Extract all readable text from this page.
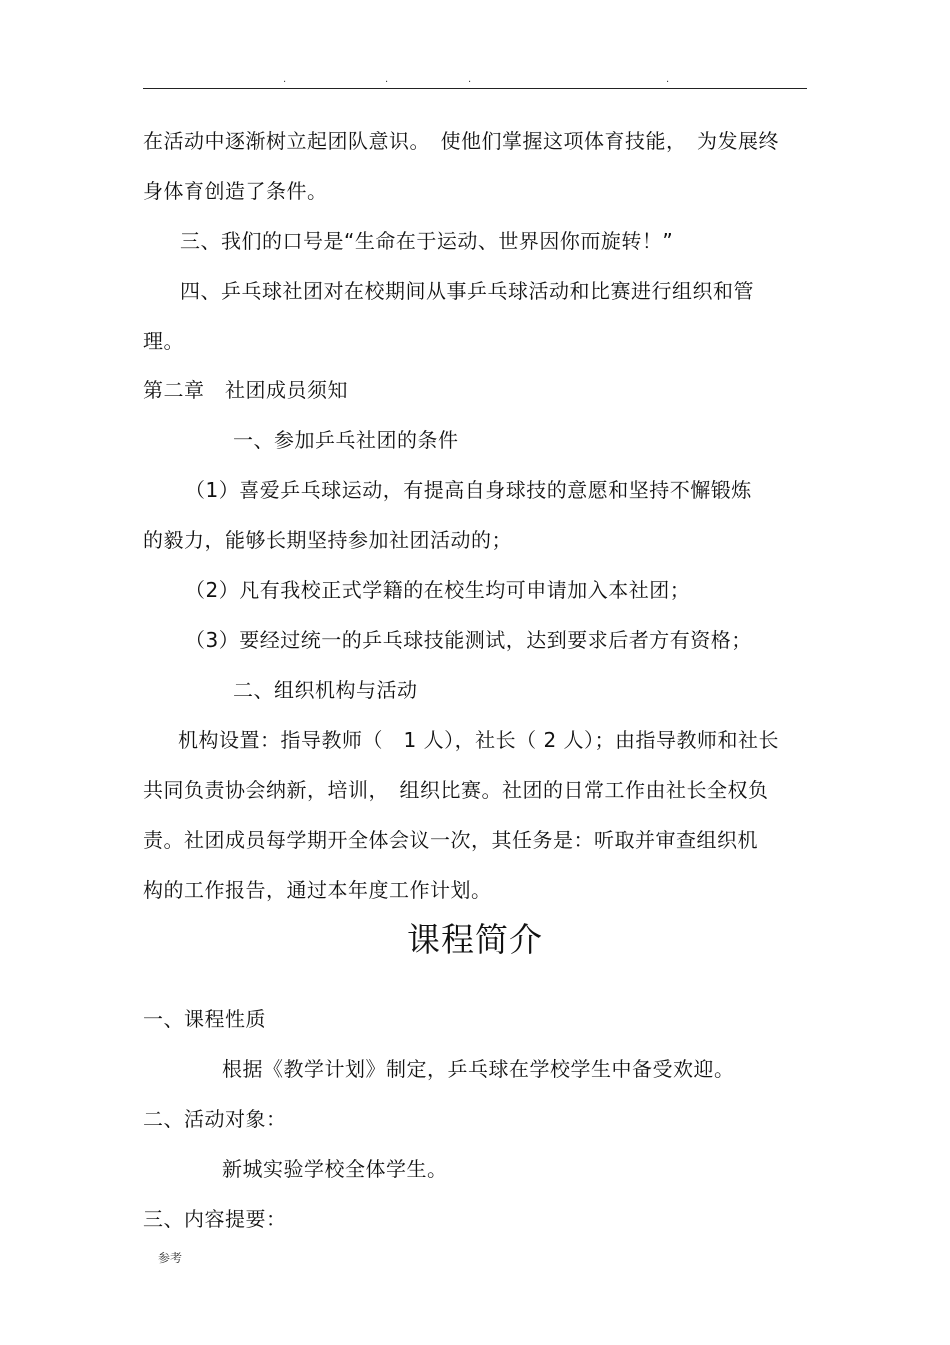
.	.	.	.
在活动中逐渐树立起团队意识。　使他们掌握这项体育技能，　为发展终
身体育创造了条件。
三、我们的口号是“生命在于运动、世界因你而旋转！”
四、乒乓球社团对在校期间从事乒乓球活动和比赛进行组织和管
理。
第二章　社团成员须知
一、参加乒乓社团的条件
（1）喜爱乒乓球运动，有提高自身球技的意愿和坚持不懈锻炼
的毅力，能够长期坚持参加社团活动的；
（2）凡有我校正式学籍的在校生均可申请加入本社团；
（3）要经过统一的乒乓球技能测试，达到要求后者方有资格；
二、组织机构与活动
机构设置：指导教师（　1 人），社长（ 2 人）；由指导教师和社长
共同负责协会纳新，培训，　组织比赛。社团的日常工作由社长全权负
责。社团成员每学期开全体会议一次，其任务是：听取并审查组织机
构的工作报告，通过本年度工作计划。
课程简介
一、课程性质
根据《教学计划》制定，乒乓球在学校学生中备受欢迎。
二、活动对象：
新城实验学校全体学生。
三、内容提要：
参考
